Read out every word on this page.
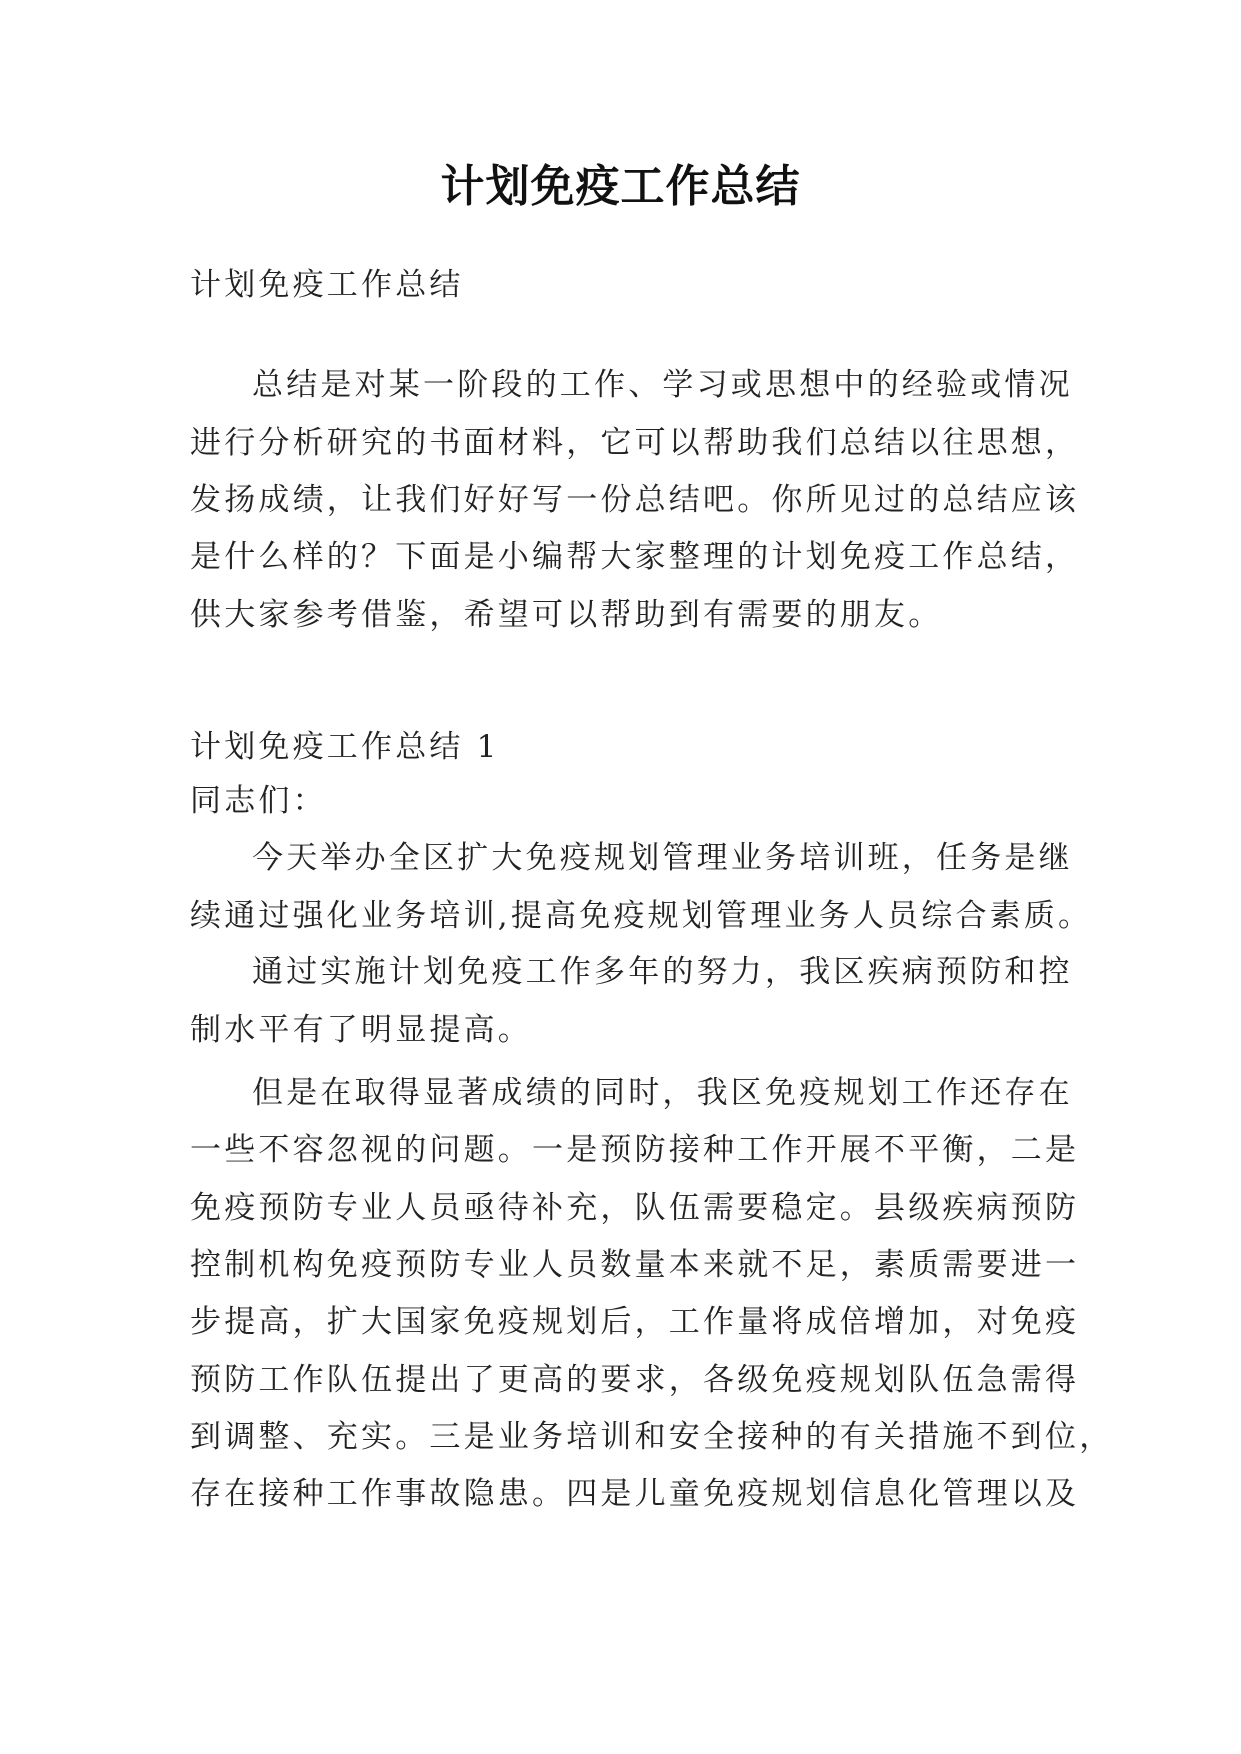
计划免疫工作总结
计划免疫工作总结
总结是对某一阶段的工作、学习或思想中的经验或情况
进行分析研究的书面材料，它可以帮助我们总结以往思想，
发扬成绩，让我们好好写一份总结吧。你所见过的总结应该
是什么样的？下面是小编帮大家整理的计划免疫工作总结，
供大家参考借鉴，希望可以帮助到有需要的朋友。
计划免疫工作总结 1
同志们：
今天举办全区扩大免疫规划管理业务培训班，任务是继
续通过强化业务培训,提高免疫规划管理业务人员综合素质。
通过实施计划免疫工作多年的努力，我区疾病预防和控
制水平有了明显提高。
但是在取得显著成绩的同时，我区免疫规划工作还存在
一些不容忽视的问题。一是预防接种工作开展不平衡，二是
免疫预防专业人员亟待补充，队伍需要稳定。县级疾病预防
控制机构免疫预防专业人员数量本来就不足，素质需要进一
步提高，扩大国家免疫规划后，工作量将成倍增加，对免疫
预防工作队伍提出了更高的要求，各级免疫规划队伍急需得
到调整、充实。三是业务培训和安全接种的有关措施不到位，
存在接种工作事故隐患。四是儿童免疫规划信息化管理以及
